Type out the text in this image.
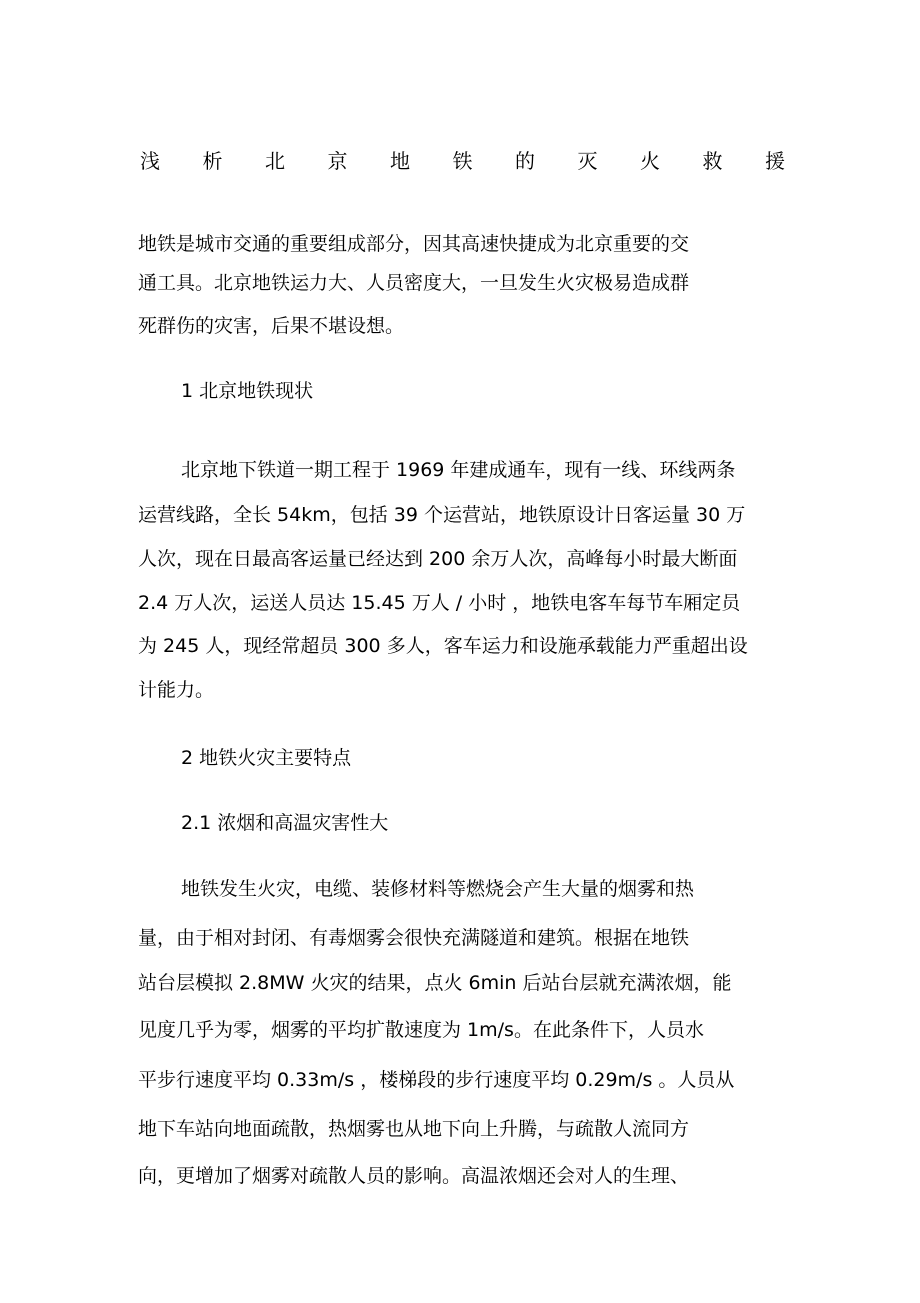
浅 析 北 京 地 铁 的 灭 火 救 援
地铁是城市交通的重要组成部分，因其高速快捷成为北京重要的交
通工具。北京地铁运力大、人员密度大，一旦发生火灾极易造成群
死群伤的灾害，后果不堪设想。
1 北京地铁现状
北京地下铁道一期工程于 1969 年建成通车，现有一线、环线两条
运营线路，全长 54km，包括 39 个运营站，地铁原设计日客运量 30 万
人次，现在日最高客运量已经达到 200 余万人次，高峰每小时最大断面
2.4 万人次，运送人员达 15.45 万人 / 小时 ，地铁电客车每节车厢定员
为 245 人，现经常超员 300 多人，客车运力和设施承载能力严重超出设
计能力。
2 地铁火灾主要特点
2.1 浓烟和高温灾害性大
地铁发生火灾，电缆、装修材料等燃烧会产生大量的烟雾和热
量，由于相对封闭、有毒烟雾会很快充满隧道和建筑。根据在地铁
站台层模拟 2.8MW 火灾的结果，点火 6min 后站台层就充满浓烟，能
见度几乎为零，烟雾的平均扩散速度为 1m/s。在此条件下，人员水
平步行速度平均 0.33m/s ，楼梯段的步行速度平均 0.29m/s 。人员从
地下车站向地面疏散，热烟雾也从地下向上升腾，与疏散人流同方
向，更增加了烟雾对疏散人员的影响。高温浓烟还会对人的生理、
